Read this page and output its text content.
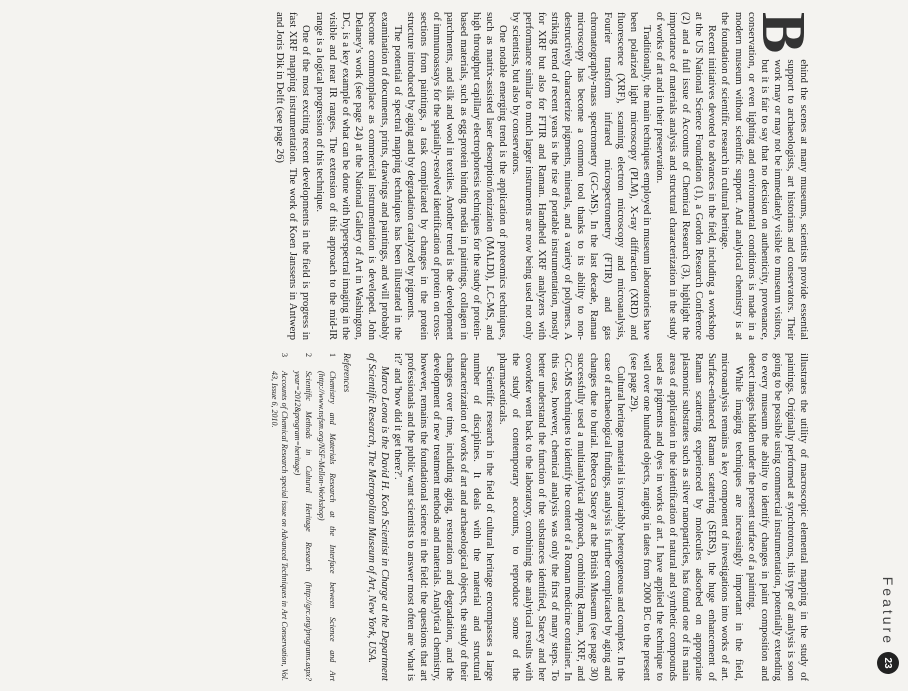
Feature
23

B
ehind the scenes at many museums, scientists provide essential support to archaeologists, art historians and conservators. Their work may or may not be immediately visible to museum visitors, but it is fair to say that no decision on authenticity, provenance, conservation, or even lighting and environmental conditions is made in a modern museum without scientific support. And analytical chemistry is at the foundation of scientific research in cultural heritage.

Recent initiatives devoted to advances in the field, including a workshop at the US National Science Foundation (1), a Gordon Research Conference (2) and a full issue of Accounts of Chemical Research (3), highlight the importance of materials analysis and structural characterization in the study of works of art and in their preservation.

Traditionally, the main techniques employed in museum laboratories have been polarized light microscopy (PLM), X-ray diffraction (XRD) and fluorescence (XRF), scanning electron microscopy and microanalysis, Fourier transform infrared microspectrometry (FTIR) and gas chromatography-mass spectrometry (GC-MS). In the last decade, Raman microscopy has become a common tool thanks to its ability to non-destructively characterize pigments, minerals, and a variety of polymers. A striking trend of recent years is the rise of portable instrumentation, mostly for XRF but also for FTIR and Raman. Handheld XRF analyzers with performance similar to much larger instruments are now being used not only by scientists, but also by conservators.

One notable emerging trend is the application of proteomics techniques, such as matrix-assisted laser desorption/ionization (MALDI), LC-MS, and high throughput capillary electrophoresis techniques for the study of protein-based materials, such as egg-protein binding media in paintings, collagen in parchments, and silk and wool in textiles. Another trend is the development of immunoassays for the spatially-resolved identification of protein on cross-sections from paintings, a task complicated by changes in the protein structure introduced by aging and by degradation catalyzed by pigments.

The potential of spectral mapping techniques has been illustrated in the examination of documents, prints, drawings and paintings, and will probably become commonplace as commercial instrumentation is developed. John Delaney's work (see page 24) at the National Gallery of Art in Washington, DC, is a key example of what can be done with hyperspectral imaging in the visible and near IR ranges. The extension of this approach to the mid-IR range is a logical progression of this technique.

One of the most exciting recent developments in the field is progress in fast XRF mapping instrumentation. The work of Koen Janssens in Antwerp and Joris Dik in Delft (see page 26)

illustrates the utility of macroscopic elemental mapping in the study of paintings. Originally performed at synchrotrons, this type of analysis is soon going to be possible using commercial instrumentation, potentially extending to every museum the ability to identify changes in paint composition and detect images hidden under the present surface of a painting.

While imaging techniques are increasingly important in the field, microanalysis remains a key component of investigations into works of art. Surface-enhanced Raman scattering (SERS), the huge enhancement of Raman scattering experienced by molecules adsorbed on appropriate plasmonic substrates such as silver nanoparticles, has found one of its main areas of application in the identification of natural and synthetic compounds used as pigments and dyes in works of art. I have applied the technique to well over one hundred objects, ranging in dates from 2000 BC to the present (see page 29).

Cultural heritage material is invariably heterogeneous and complex. In the case of archaeological findings, analysis is further complicated by aging and changes due to burial. Rebecca Stacey at the British Museum (see page 30) successfully used a multianalytical approach, combining Raman, XRF, and GC-MS techniques to identify the content of a Roman medicine container. In this case, however, chemical analysis was only the first of many steps. To better understand the function of the substances identified, Stacey and her coworker went back to the laboratory, combining the analytical results with the study of contemporary accounts, to reproduce some of the pharmaceuticals.

Scientific research in the field of cultural heritage encompasses a large number of disciplines. It deals with the material and structural characterization of works of art and archaeological objects, the study of their changes over time, including aging, restoration and degradation, and the development of new treatment methods and materials. Analytical chemistry, however, remains the foundational science in the field: the questions that art professionals and the public want scientists to answer most often are 'what is it?' and 'how did it get there?'.

Marco Leona is the David H. Koch Scientist in Charge at the Department of Scientific Research, The Metropolitan Museum of Art, New York, USA.

References
1
Chemistry and Materials Research at the Interface between Science and Art (http://www.nsfsm.org/NSF-Mellon-Workshop)
2
Scientific Methods in Cultural Heritage Research (http://grc.org/programs.aspx?year=2012&program=heritage)
3
Accounts of Chemical Research special issue on Advanced Techniques in Art Conservation, Vol. 43, Issue 6, 2010.
